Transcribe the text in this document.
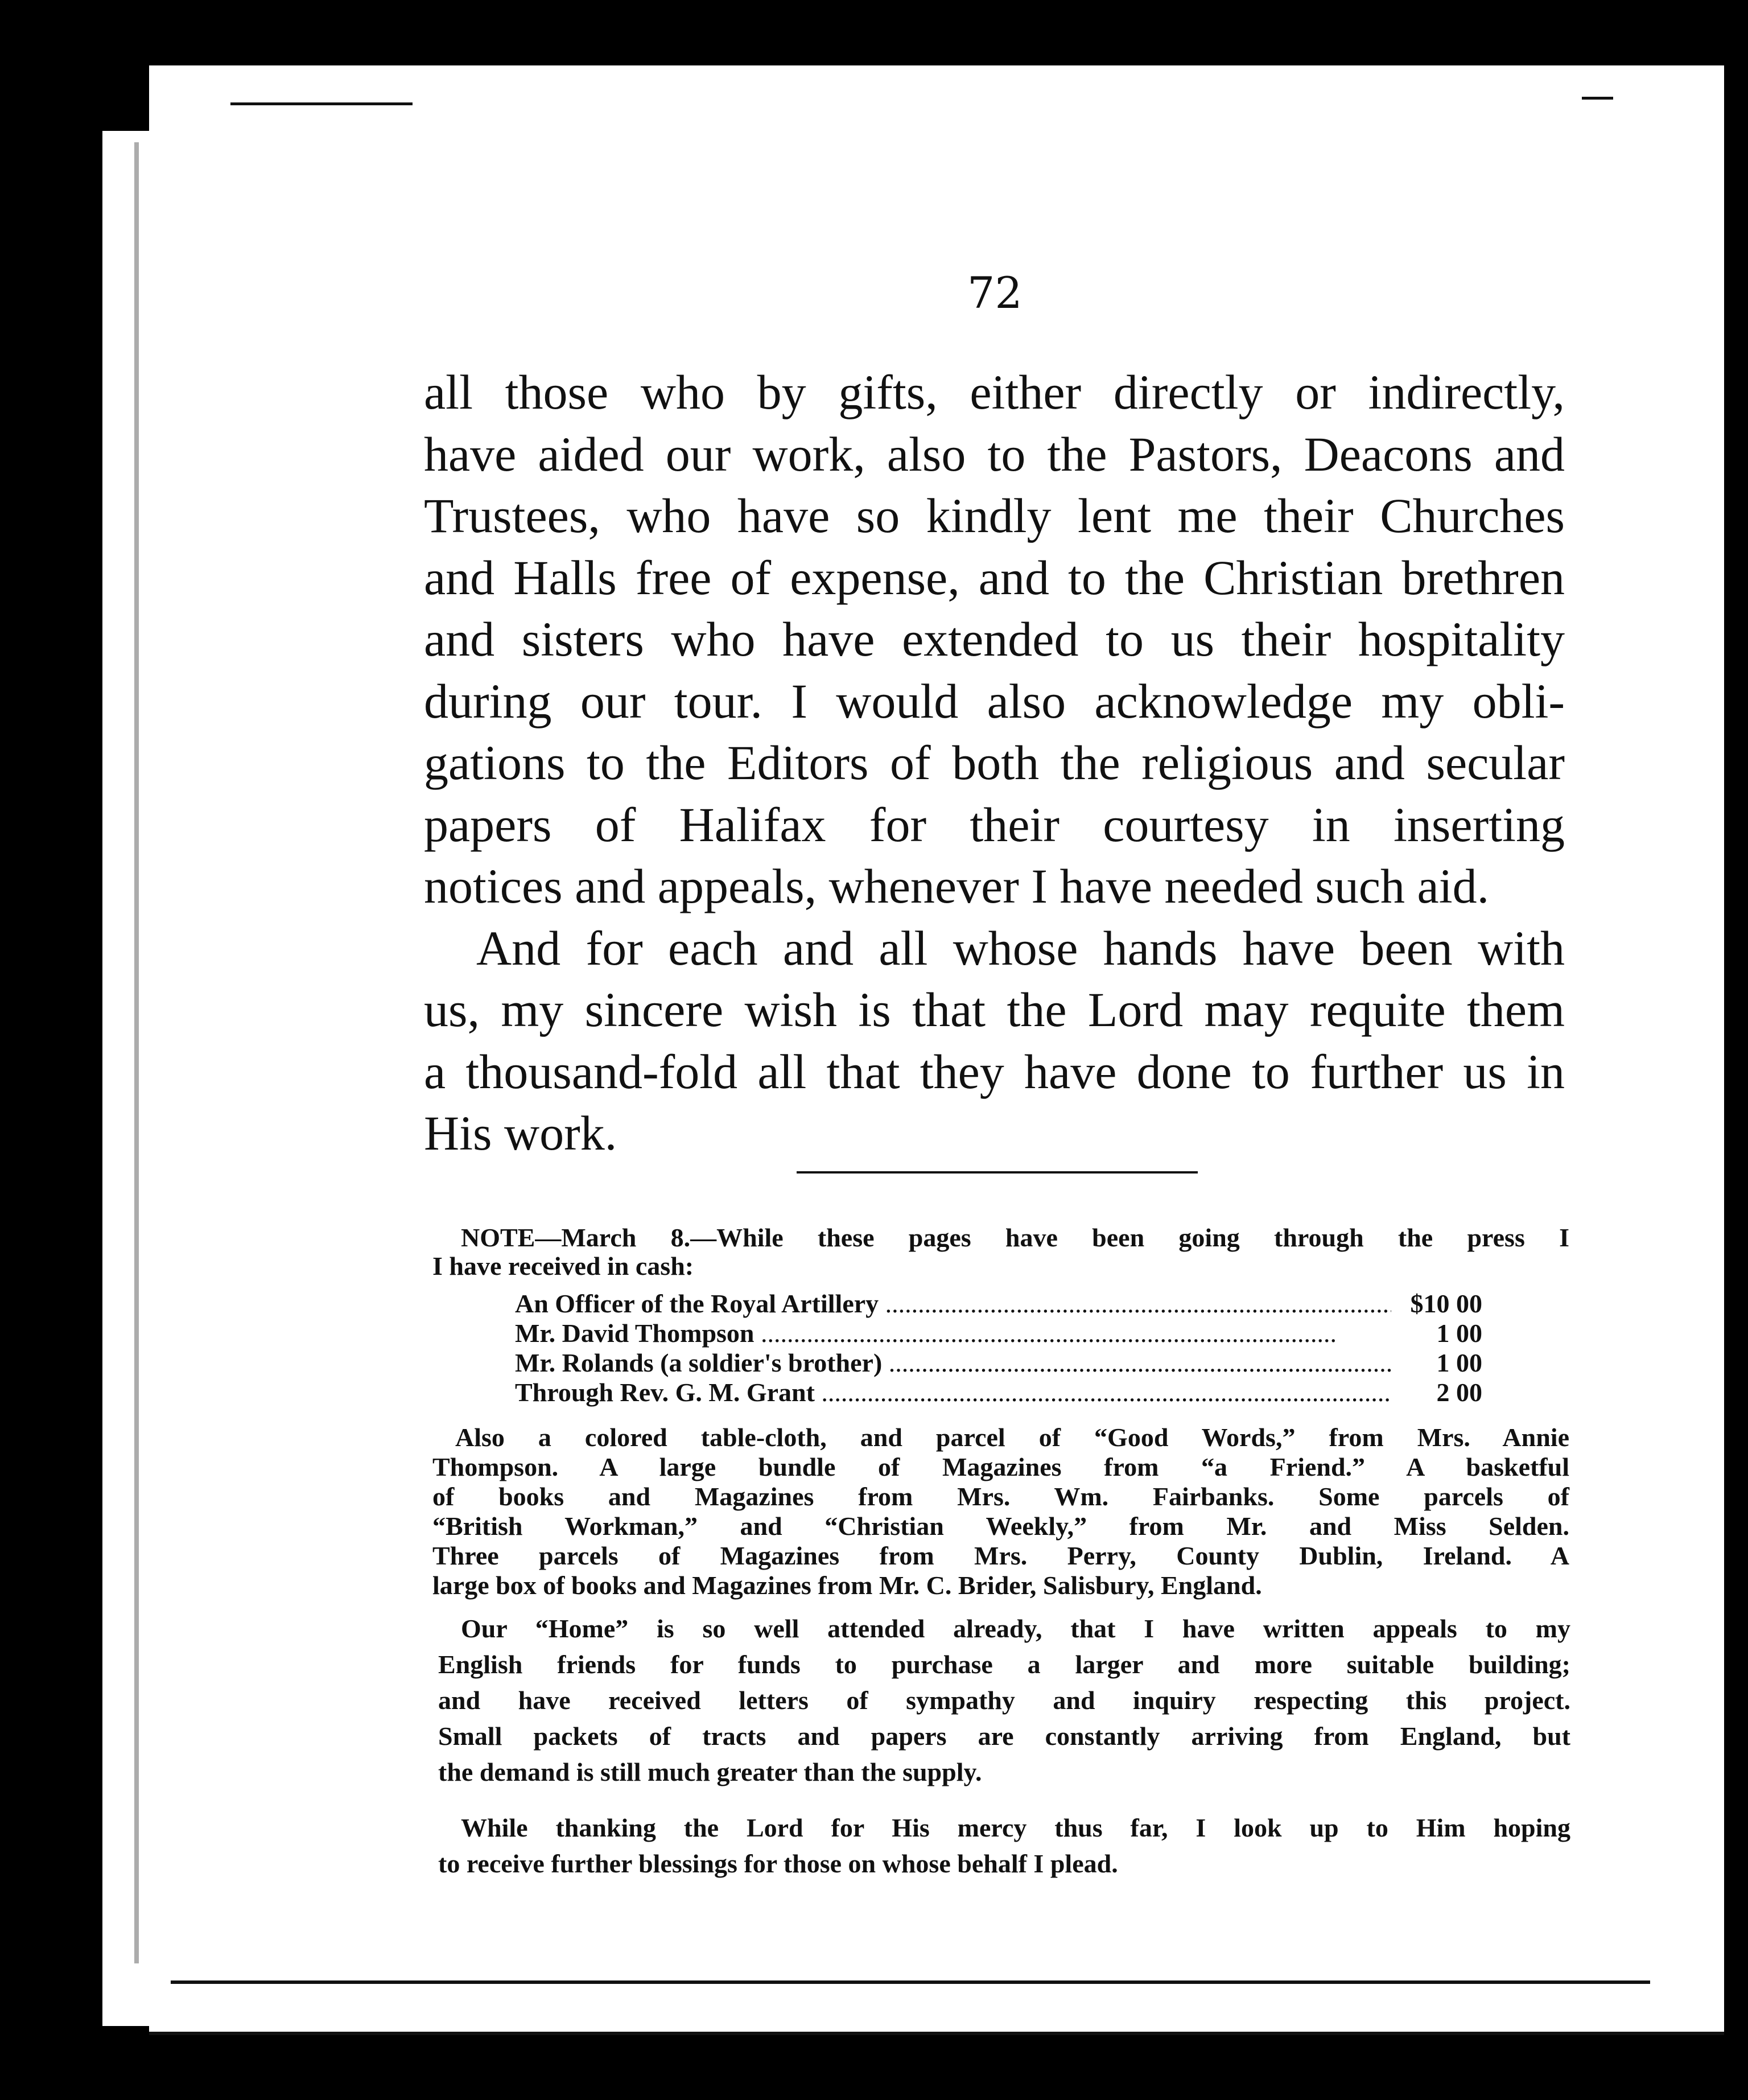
72
all those who by gifts, either directly or indirectly,
have aided our work, also to the Pastors, Deacons and
Trustees, who have so kindly lent me their Churches
and Halls free of expense, and to the Christian brethren
and sisters who have extended to us their hospitality
during our tour. I would also acknowledge my obli-
gations to the Editors of both the religious and secular
papers of Halifax for their courtesy in inserting
notices and appeals, whenever I have needed such aid.
And for each and all whose hands have been with
us, my sincere wish is that the Lord may requite them
a thousand-fold all that they have done to further us in
His work.
NOTE—March 8.—While these pages have been going through the press I
I have received in cash:
An Officer of the Royal Artillery .....	$10 00
Mr. David Thompson .....	1 00
Mr. Rolands (a soldier's brother) .....	1 00
Through Rev. G. M. Grant .....	2 00
Also a colored table-cloth, and parcel of “Good Words,” from Mrs. Annie
Thompson. A large bundle of Magazines from “a Friend.” A basketful
of books and Magazines from Mrs. Wm. Fairbanks. Some parcels of
“British Workman,” and “Christian Weekly,” from Mr. and Miss Selden.
Three parcels of Magazines from Mrs. Perry, County Dublin, Ireland. A
large box of books and Magazines from Mr. C. Brider, Salisbury, England.
Our “Home” is so well attended already, that I have written appeals to my
English friends for funds to purchase a larger and more suitable building;
and have received letters of sympathy and inquiry respecting this project.
Small packets of tracts and papers are constantly arriving from England, but
the demand is still much greater than the supply.
While thanking the Lord for His mercy thus far, I look up to Him hoping
to receive further blessings for those on whose behalf I plead.
